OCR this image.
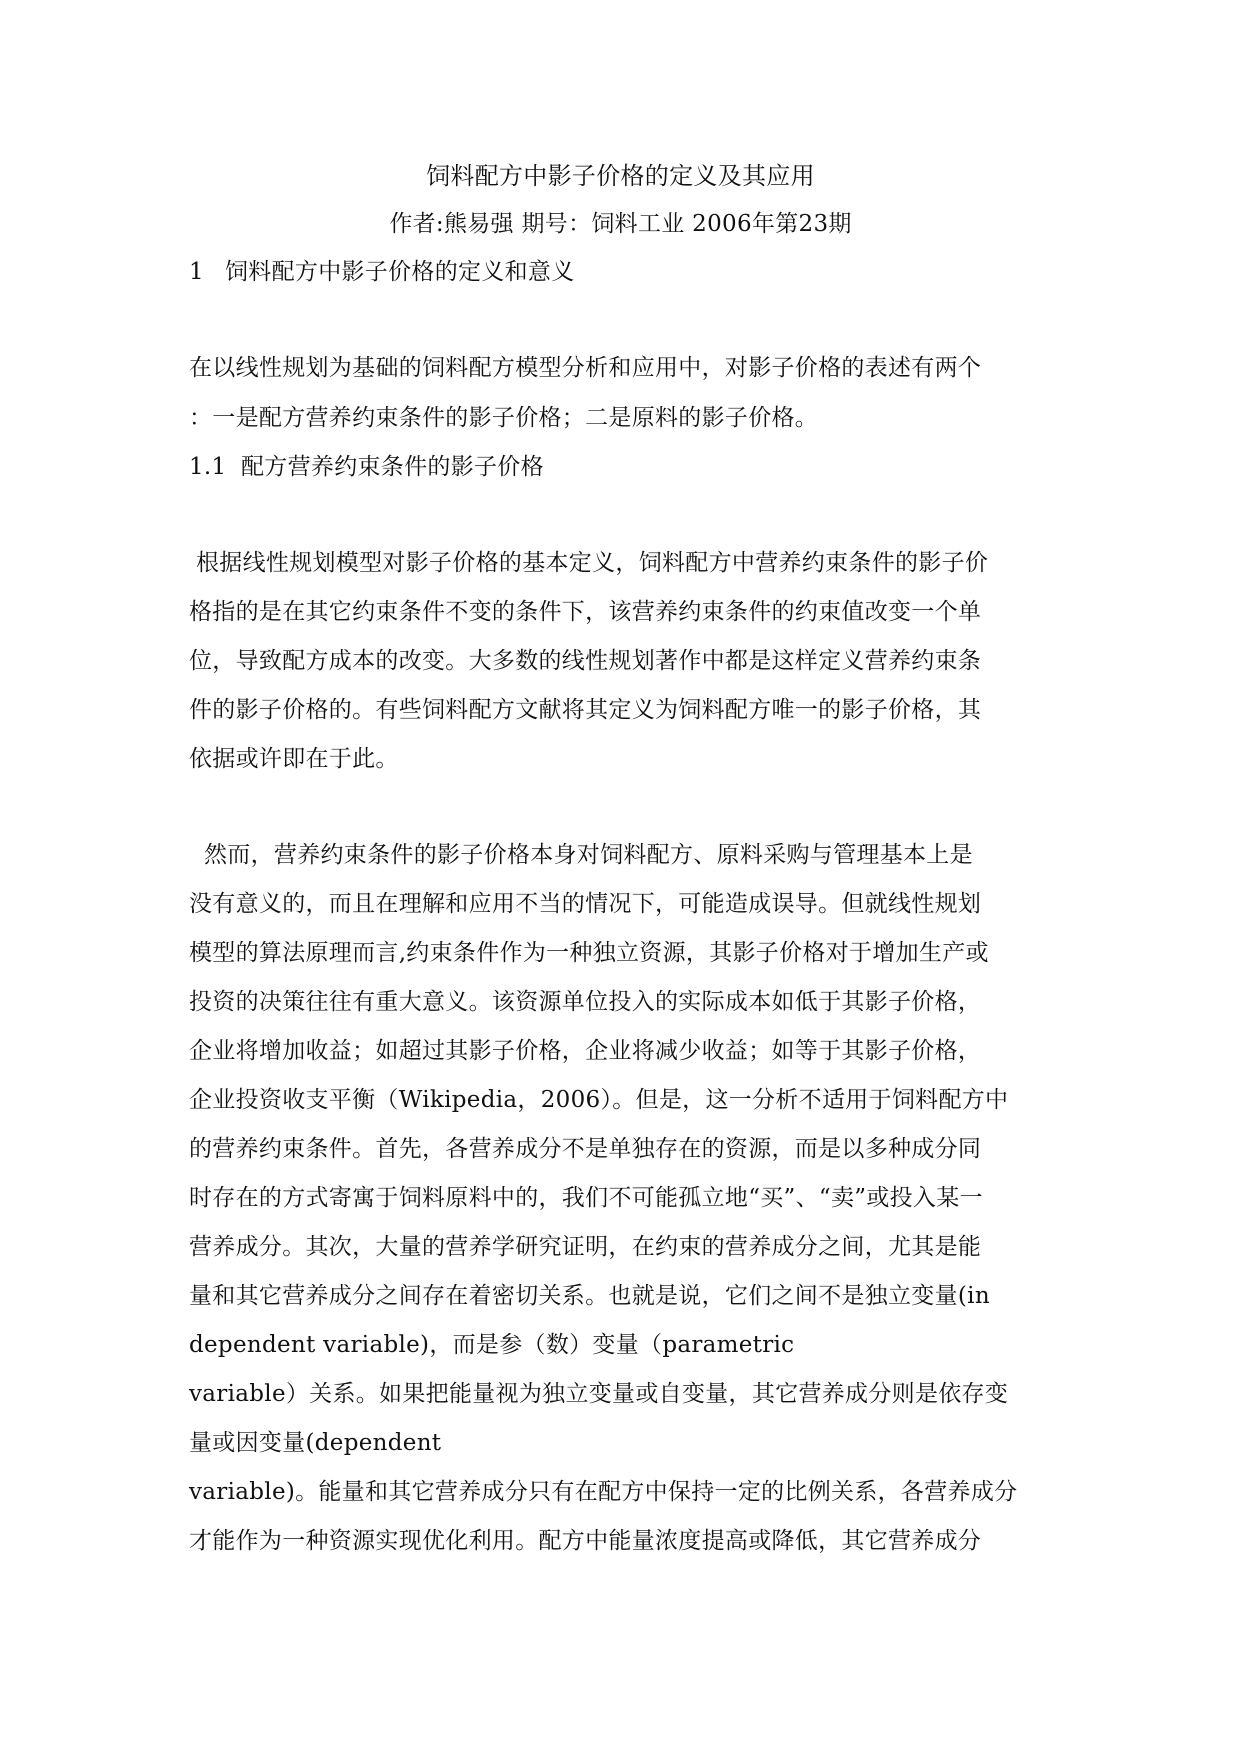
饲料配方中影子价格的定义及其应用
作者:熊易强 期号：饲料工业 2006年第23期
1 饲料配方中影子价格的定义和意义
在以线性规划为基础的饲料配方模型分析和应用中，对影子价格的表述有两个
：一是配方营养约束条件的影子价格；二是原料的影子价格。
1.1 配方营养约束条件的影子价格
根据线性规划模型对影子价格的基本定义，饲料配方中营养约束条件的影子价
格指的是在其它约束条件不变的条件下，该营养约束条件的约束值改变一个单
位，导致配方成本的改变。大多数的线性规划著作中都是这样定义营养约束条
件的影子价格的。有些饲料配方文献将其定义为饲料配方唯一的影子价格，其
依据或许即在于此。
然而，营养约束条件的影子价格本身对饲料配方、原料采购与管理基本上是
没有意义的，而且在理解和应用不当的情况下，可能造成误导。但就线性规划
模型的算法原理而言,约束条件作为一种独立资源，其影子价格对于增加生产或
投资的决策往往有重大意义。该资源单位投入的实际成本如低于其影子价格，
企业将增加收益；如超过其影子价格，企业将减少收益；如等于其影子价格，
企业投资收支平衡（Wikipedia，2006）。但是，这一分析不适用于饲料配方中
的营养约束条件。首先，各营养成分不是单独存在的资源，而是以多种成分同
时存在的方式寄寓于饲料原料中的，我们不可能孤立地“买”、“卖”或投入某一
营养成分。其次，大量的营养学研究证明，在约束的营养成分之间，尤其是能
量和其它营养成分之间存在着密切关系。也就是说，它们之间不是独立变量(in
dependent variable)，而是参（数）变量（parametric
variable）关系。如果把能量视为独立变量或自变量，其它营养成分则是依存变
量或因变量(dependent
variable)。能量和其它营养成分只有在配方中保持一定的比例关系，各营养成分
才能作为一种资源实现优化利用。配方中能量浓度提高或降低，其它营养成分
